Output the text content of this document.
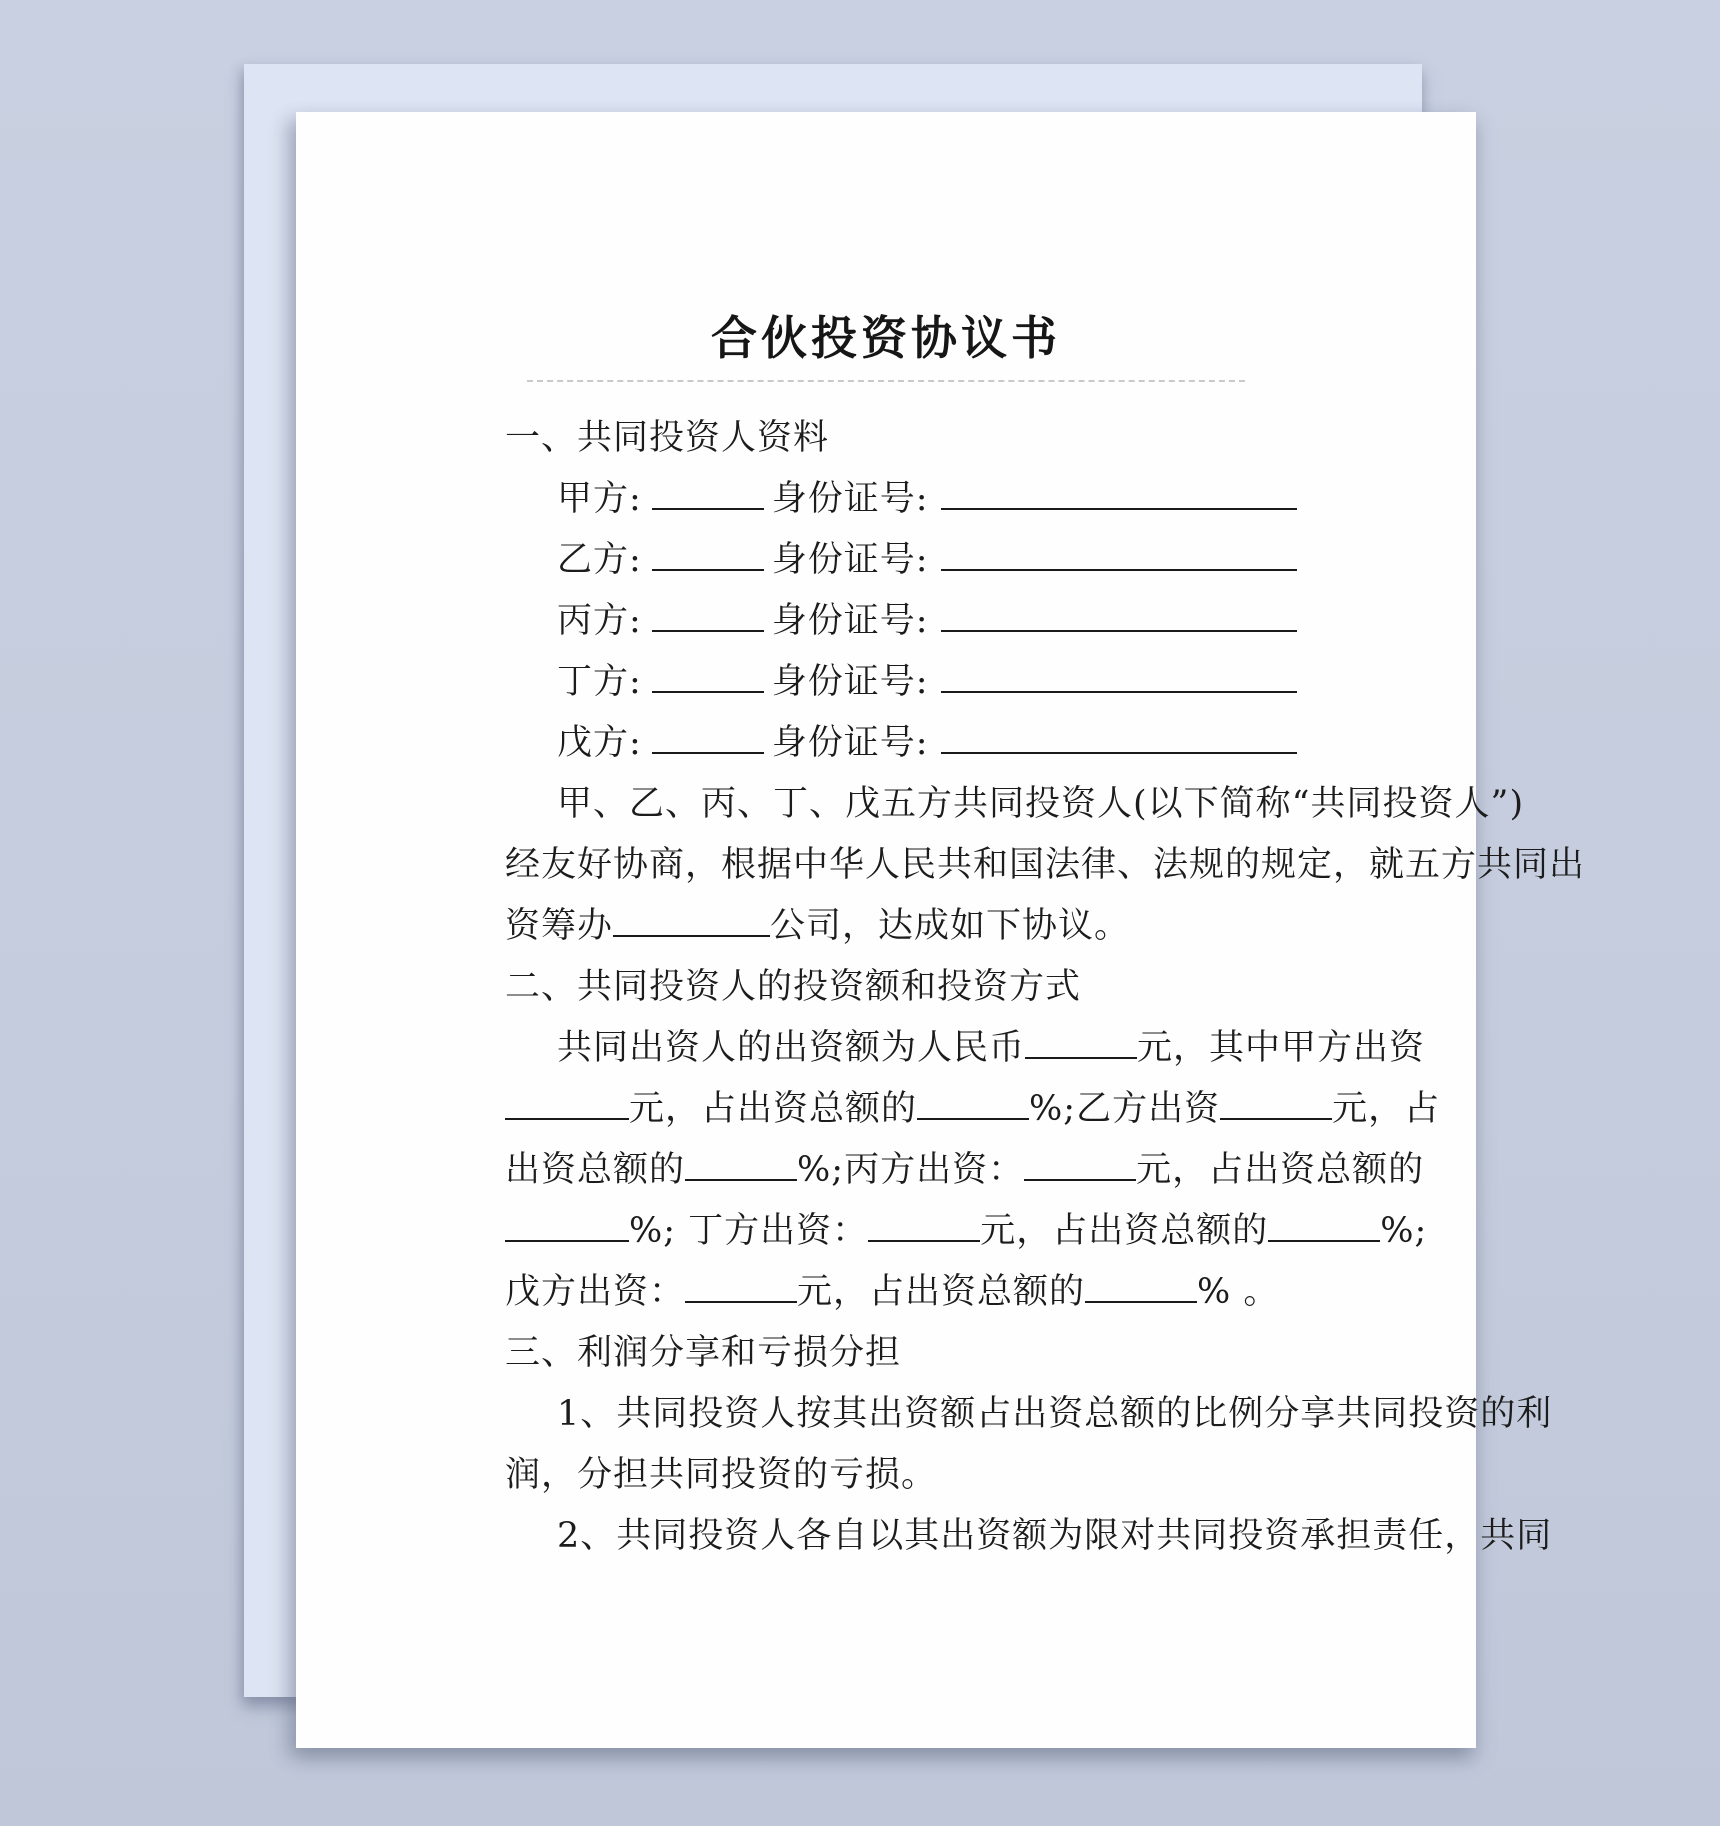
合伙投资协议书
一、共同投资人资料
甲方:	身份证号:
乙方:	身份证号:
丙方:	身份证号:
丁方:	身份证号:
戊方:	身份证号:
甲、乙、丙、丁、戊五方共同投资人(以下简称“共同投资人”)
经友好协商，根据中华人民共和国法律、法规的规定，就五方共同出
资筹办	公司，达成如下协议。
二、共同投资人的投资额和投资方式
共同出资人的出资额为人民币	元，其中甲方出资
元，占出资总额的	%;乙方出资	元，占
出资总额的	%;丙方出资：	元，占出资总额的
%; 丁方出资：	元，占出资总额的	%;
戊方出资：	元，占出资总额的	% 。
三、利润分享和亏损分担
1、共同投资人按其出资额占出资总额的比例分享共同投资的利
润，分担共同投资的亏损。
2、共同投资人各自以其出资额为限对共同投资承担责任，共同
